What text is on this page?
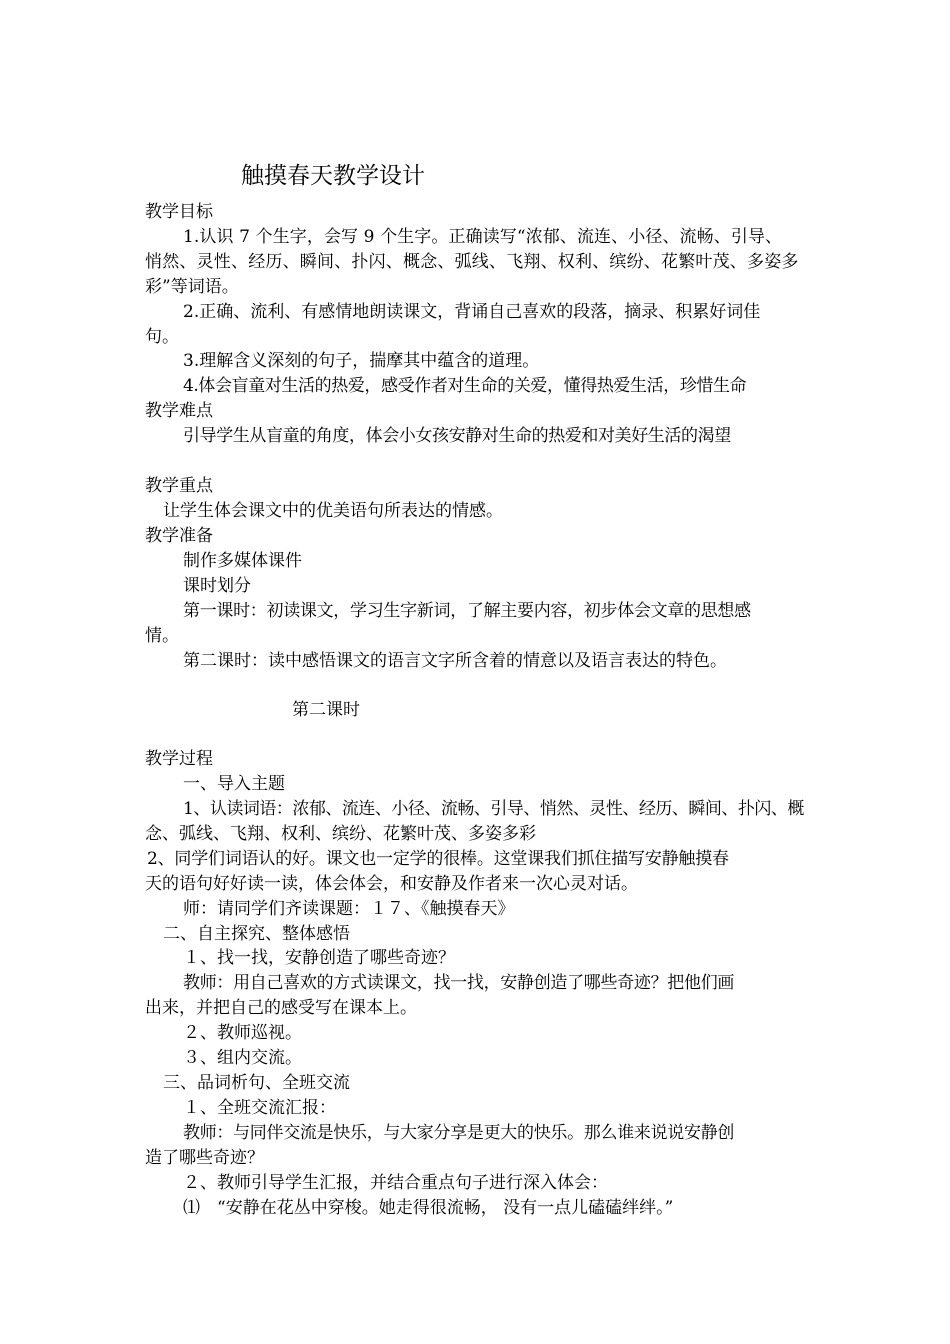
触摸春天教学设计
教学目标
1.认识 7 个生字，会写 9 个生字。正确读写“浓郁、流连、小径、流畅、引导、
悄然、灵性、经历、瞬间、扑闪、概念、弧线、飞翔、权利、缤纷、花繁叶茂、多姿多
彩”等词语。
2.正确、流利、有感情地朗读课文，背诵自己喜欢的段落，摘录、积累好词佳
句。
3.理解含义深刻的句子，揣摩其中蕴含的道理。
4.体会盲童对生活的热爱，感受作者对生命的关爱，懂得热爱生活，珍惜生命
教学难点
引导学生从盲童的角度，体会小女孩安静对生命的热爱和对美好生活的渴望
教学重点
让学生体会课文中的优美语句所表达的情感。
教学准备
制作多媒体课件
课时划分
第一课时：初读课文，学习生字新词，了解主要内容，初步体会文章的思想感
情。
第二课时：读中感悟课文的语言文字所含着的情意以及语言表达的特色。
第二课时
教学过程
一、导入主题
1、认读词语：浓郁、流连、小径、流畅、引导、悄然、灵性、经历、瞬间、扑闪、概
念、弧线、飞翔、权利、缤纷、花繁叶茂、多姿多彩
2、同学们词语认的好。课文也一定学的很棒。这堂课我们抓住描写安静触摸春
天的语句好好读一读，体会体会，和安静及作者来一次心灵对话。
师：请同学们齐读课题：１７、《触摸春天》
二、自主探究、整体感悟
１、找一找，安静创造了哪些奇迹？
教师：用自己喜欢的方式读课文，找一找，安静创造了哪些奇迹？把他们画
出来，并把自己的感受写在课本上。
２、教师巡视。
３、组内交流。
三、品词析句、全班交流
１、全班交流汇报：
教师：与同伴交流是快乐，与大家分享是更大的快乐。那么谁来说说安静创
造了哪些奇迹？
２、教师引导学生汇报，并结合重点句子进行深入体会：
⑴　“安静在花丛中穿梭。她走得很流畅， 没有一点儿磕磕绊绊。”
